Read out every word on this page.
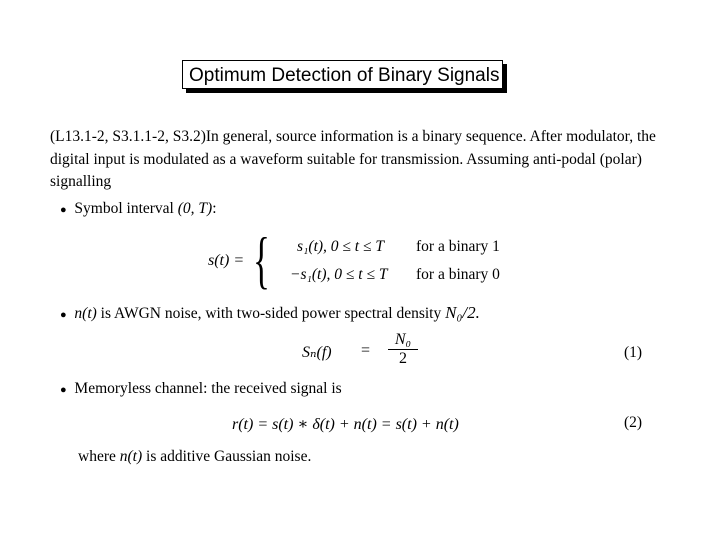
Optimum Detection of Binary Signals
(L13.1-2, S3.1.1-2, S3.2)In general, source information is a binary sequence. After modulator, the digital input is modulated as a waveform suitable for transmission. Assuming anti-podal (polar) signalling
● Symbol interval (0, T):
s(t) = { s₁(t), 0 ≤ t ≤ T for a binary 1
−s₁(t), 0 ≤ t ≤ T for a binary 0
● n(t) is AWGN noise, with two-sided power spectral density N₀/2.
$S_n(f) = \frac{\text{N₀}}{2}$	(1)
● Memoryless channel: the received signal is
r(t) = s(t) ∗ δ(t) + n(t) = s(t) + n(t)	(2)
where n(t) is additive Gaussian noise.
